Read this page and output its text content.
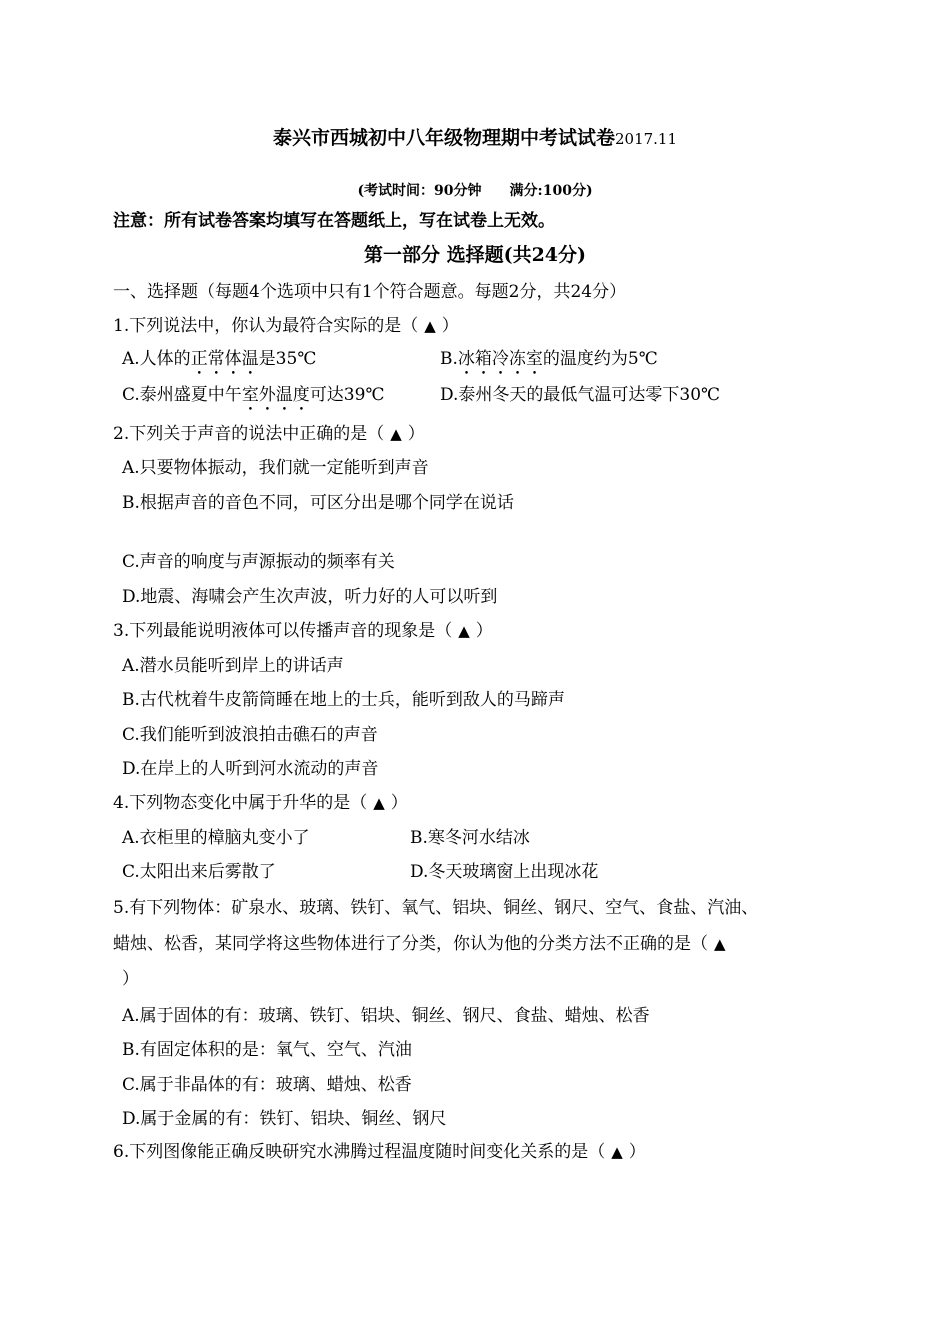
泰兴市西城初中八年级物理期中考试试卷2017.11
(考试时间：90分钟 满分:100分)
注意：所有试卷答案均填写在答题纸上，写在试卷上无效。
第一部分 选择题(共24分)
一、选择题（每题4个选项中只有1个符合题意。每题2分，共24分）
1.下列说法中，你认为最符合实际的是（ ▲ ）
A.人体的正常体温是35℃	B.冰箱冷冻室的温度约为5℃
C.泰州盛夏中午室外温度可达39℃	D.泰州冬天的最低气温可达零下30℃
2.下列关于声音的说法中正确的是（ ▲ ）
A.只要物体振动，我们就一定能听到声音
B.根据声音的音色不同，可区分出是哪个同学在说话
C.声音的响度与声源振动的频率有关
D.地震、海啸会产生次声波，听力好的人可以听到
3.下列最能说明液体可以传播声音的现象是（ ▲ ）
A.潜水员能听到岸上的讲话声
B.古代枕着牛皮箭筒睡在地上的士兵，能听到敌人的马蹄声
C.我们能听到波浪拍击礁石的声音
D.在岸上的人听到河水流动的声音
4.下列物态变化中属于升华的是（ ▲ ）
A.衣柜里的樟脑丸变小了	B.寒冬河水结冰
C.太阳出来后雾散了	D.冬天玻璃窗上出现冰花
5.有下列物体：矿泉水、玻璃、铁钉、氧气、铝块、铜丝、钢尺、空气、食盐、汽油、
蜡烛、松香，某同学将这些物体进行了分类，你认为他的分类方法不正确的是（ ▲
）
A.属于固体的有：玻璃、铁钉、铝块、铜丝、钢尺、食盐、蜡烛、松香
B.有固定体积的是：氧气、空气、汽油
C.属于非晶体的有：玻璃、蜡烛、松香
D.属于金属的有：铁钉、铝块、铜丝、钢尺
6.下列图像能正确反映研究水沸腾过程温度随时间变化关系的是（ ▲ ）
